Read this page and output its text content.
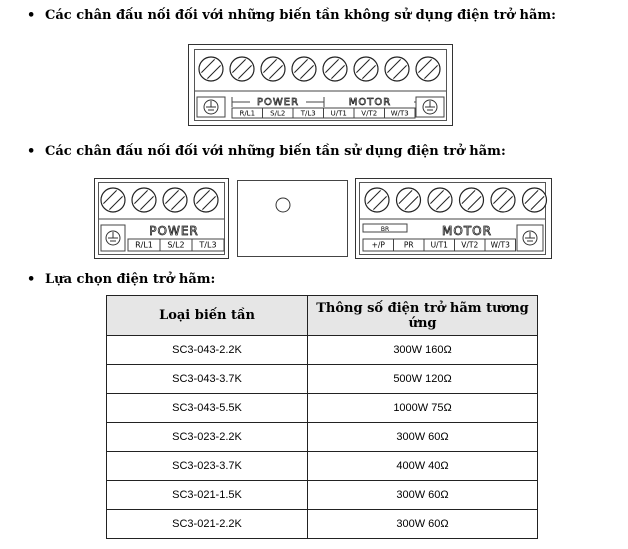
• Các chân đấu nối đối với những biến tần không sử dụng điện trở hãm:
POWER	MOTOR
R/L1 S/L2 T/L3 U/T1 V/T2 W/T3
• Các chân đấu nối đối với những biến tần sử dụng điện trở hãm:
POWER
R/L1 S/L2 T/L3
BR	MOTOR
+/P	PR U/T1 V/T2 W/T3
• Lựa chọn điện trở hãm:
Loại biến tần	Thông số điện trở hãm tương ứng
SC3-043-2.2K	300W 160Ω
SC3-043-3.7K	500W 120Ω
SC3-043-5.5K	1000W 75Ω
SC3-023-2.2K	300W 60Ω
SC3-023-3.7K	400W 40Ω
SC3-021-1.5K	300W 60Ω
SC3-021-2.2K	300W 60Ω
